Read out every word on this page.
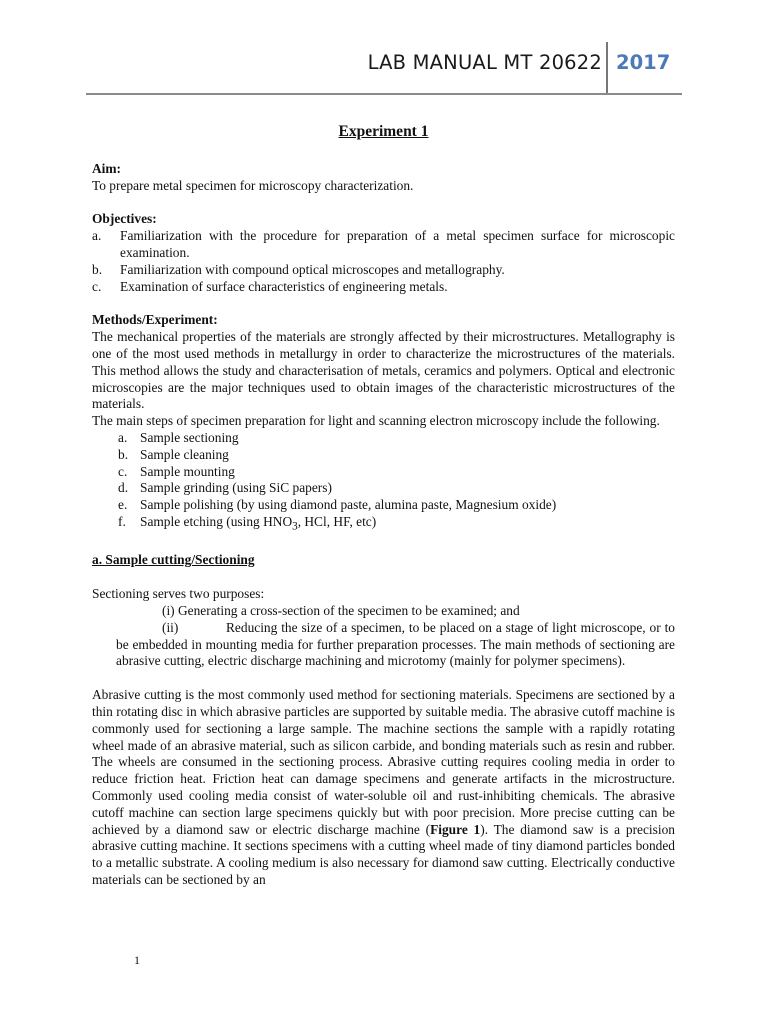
LAB MANUAL MT 20622 2017
Experiment 1

Aim:

To prepare metal specimen for microscopy characterization.

Objectives:

a.	Familiarization with the procedure for preparation of a metal specimen surface for microscopic examination.
b.	Familiarization with compound optical microscopes and metallography.
c.	Examination of surface characteristics of engineering metals.

Methods/Experiment:

The mechanical properties of the materials are strongly affected by their microstructures. Metallography is one of the most used methods in metallurgy in order to characterize the microstructures of the materials. This method allows the study and characterisation of metals, ceramics and polymers. Optical and electronic microscopies are the major techniques used to obtain images of the characteristic microstructures of the materials.

The main steps of specimen preparation for light and scanning electron microscopy include the following.

a. Sample sectioning
b. Sample cleaning
c. Sample mounting
d. Sample grinding (using SiC papers)
e. Sample polishing (by using diamond paste, alumina paste, Magnesium oxide)
f.	Sample etching (using $HNO_3$, HCl, HF, etc)

a. Sample cutting/Sectioning

Sectioning serves two purposes:

(i) Generating a cross-section of the specimen to be examined; and

(ii)	Reducing the size of a specimen, to be placed on a stage of light microscope, or to be embedded in mounting media for further preparation processes. The main methods of sectioning are abrasive cutting, electric discharge machining and microtomy (mainly for polymer specimens).

Abrasive cutting is the most commonly used method for sectioning materials. Specimens are sectioned by a thin rotating disc in which abrasive particles are supported by suitable media. The abrasive cutoff machine is commonly used for sectioning a large sample. The machine sections the sample with a rapidly rotating wheel made of an abrasive material, such as silicon carbide, and bonding materials such as resin and rubber. The wheels are consumed in the sectioning process. Abrasive cutting requires cooling media in order to reduce friction heat. Friction heat can damage specimens and generate artifacts in the microstructure. Commonly used cooling media consist of water-soluble oil and rust-inhibiting chemicals. The abrasive cutoff machine can section large specimens quickly but with poor precision. More precise cutting can be achieved by a diamond saw or electric discharge machine (Figure 1). The diamond saw is a precision abrasive cutting machine. It sections specimens with a cutting wheel made of tiny diamond particles bonded to a metallic substrate. A cooling medium is also necessary for diamond saw cutting. Electrically conductive materials can be sectioned by an

1
